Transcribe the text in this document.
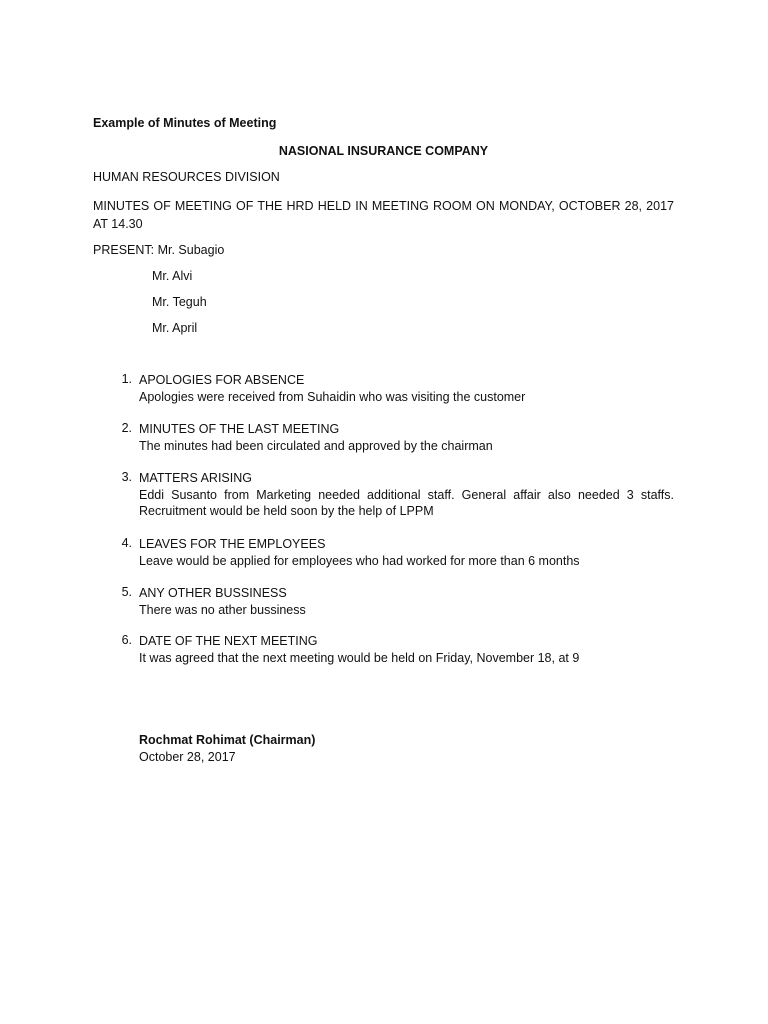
Example of Minutes of Meeting
NASIONAL INSURANCE COMPANY
HUMAN RESOURCES DIVISION
MINUTES OF MEETING OF THE HRD HELD IN MEETING ROOM ON MONDAY, OCTOBER 28, 2017 AT 14.30
PRESENT: Mr. Subagio
Mr. Alvi
Mr. Teguh
Mr. April
1. APOLOGIES FOR ABSENCE
Apologies were received from Suhaidin who was visiting the customer
2. MINUTES OF THE LAST MEETING
The minutes had been circulated and approved by the chairman
3. MATTERS ARISING
Eddi Susanto from Marketing needed additional staff. General affair also needed 3 staffs. Recruitment would be held soon by the help of LPPM
4. LEAVES FOR THE EMPLOYEES
Leave would be applied for employees who had worked for more than 6 months
5. ANY OTHER BUSSINESS
There was no ather bussiness
6. DATE OF THE NEXT MEETING
It was agreed that the next meeting would be held on Friday, November 18, at 9
Rochmat Rohimat (Chairman)
October 28, 2017
